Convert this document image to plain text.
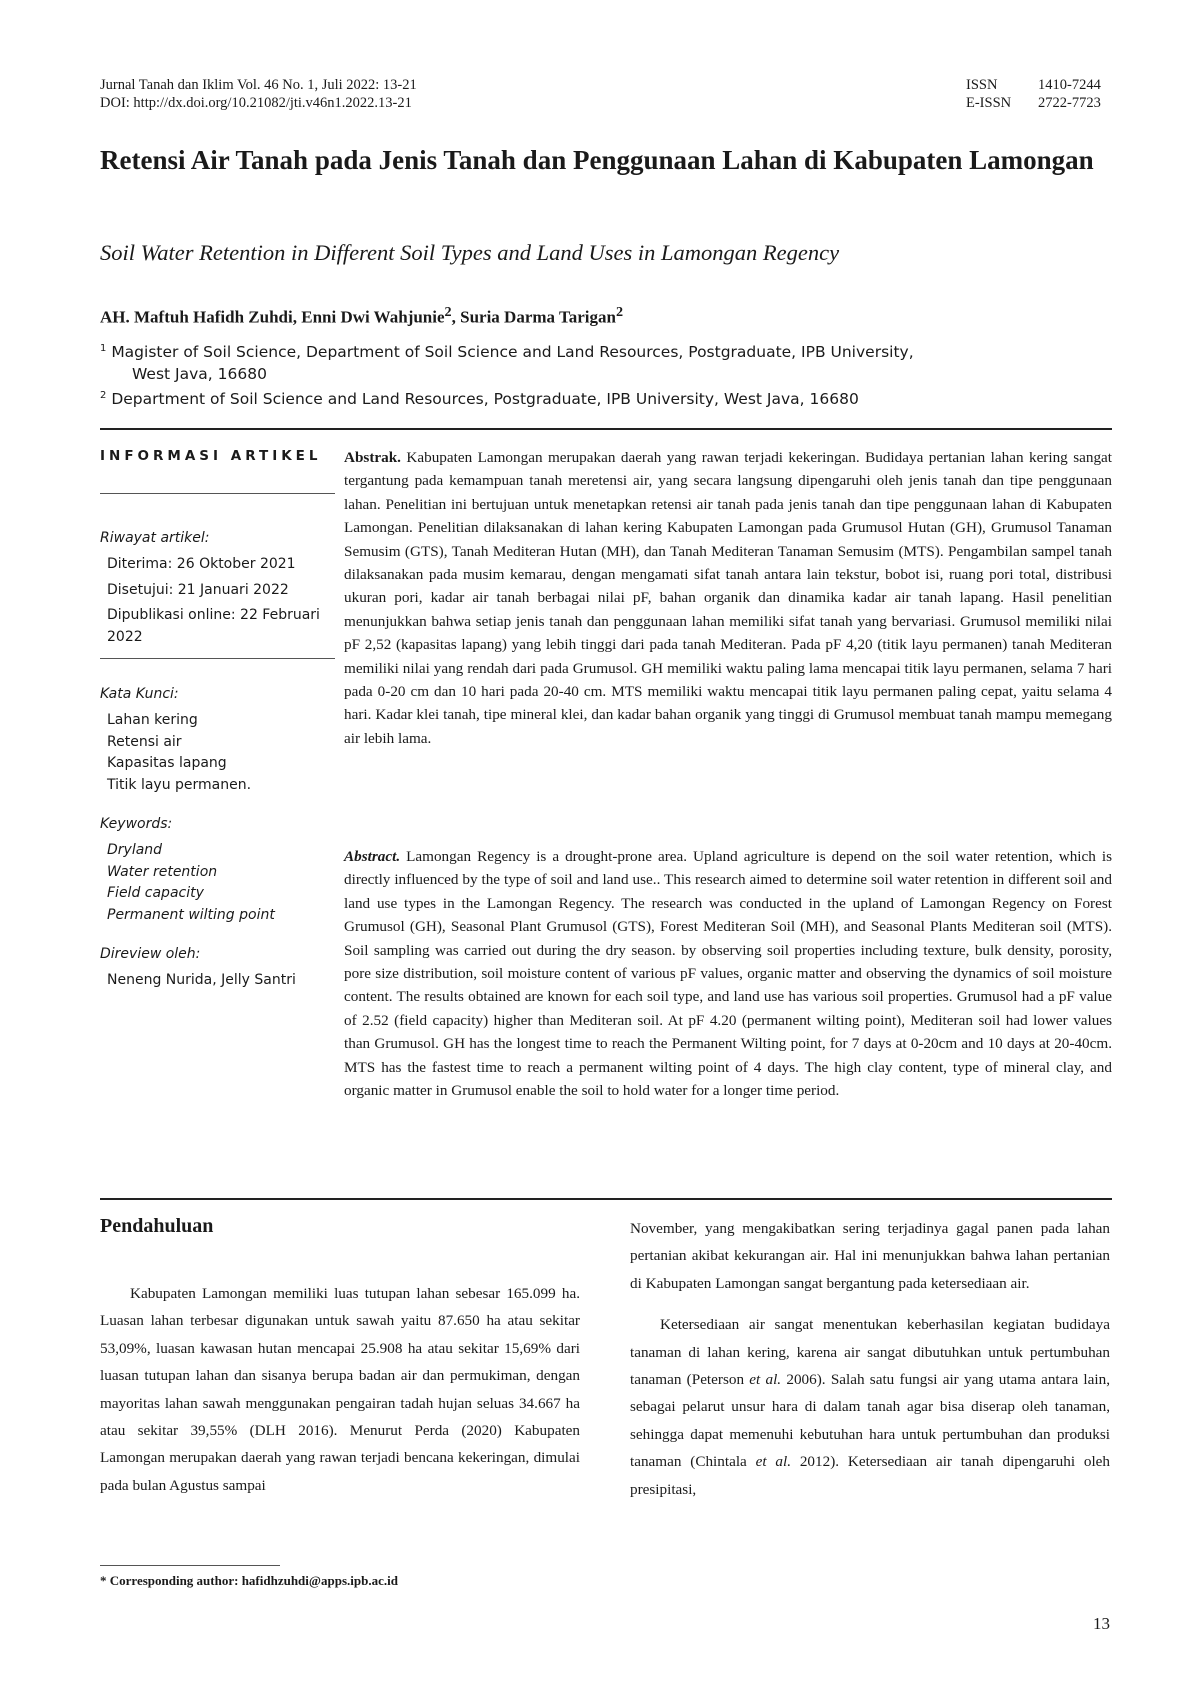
Jurnal Tanah dan Iklim Vol. 46 No. 1, Juli 2022: 13-21
DOI: http://dx.doi.org/10.21082/jti.v46n1.2022.13-21
ISSN	1410-7244
E-ISSN 2722-7723
Retensi Air Tanah pada Jenis Tanah dan Penggunaan Lahan di Kabupaten Lamongan
Soil Water Retention in Different Soil Types and Land Uses in Lamongan Regency
AH. Maftuh Hafidh Zuhdi, Enni Dwi Wahjunie$^2$, Suria Darma Tarigan$^2$
$^1$ Magister of Soil Science, Department of Soil Science and Land Resources, Postgraduate, IPB University,
West Java, 16680
$^2$ Department of Soil Science and Land Resources, Postgraduate, IPB University, West Java, 16680
INFORMASI ARTIKEL
Riwayat artikel:
Diterima: 26 Oktober 2021
Disetujui: 21 Januari 2022
Dipublikasi online: 22 Februari 2022
Kata Kunci:
Lahan kering
Retensi air
Kapasitas lapang
Titik layu permanen.
Keywords:
Dryland
Water retention
Field capacity
Permanent wilting point
Direview oleh:
Neneng Nurida, Jelly Santri
Abstrak. Kabupaten Lamongan merupakan daerah yang rawan terjadi kekeringan. Budidaya pertanian lahan kering sangat tergantung pada kemampuan tanah meretensi air, yang secara langsung dipengaruhi oleh jenis tanah dan tipe penggunaan lahan. Penelitian ini bertujuan untuk menetapkan retensi air tanah pada jenis tanah dan tipe penggunaan lahan di Kabupaten Lamongan. Penelitian dilaksanakan di lahan kering Kabupaten Lamongan pada Grumusol Hutan (GH), Grumusol Tanaman Semusim (GTS), Tanah Mediteran Hutan (MH), dan Tanah Mediteran Tanaman Semusim (MTS). Pengambilan sampel tanah dilaksanakan pada musim kemarau, dengan mengamati sifat tanah antara lain tekstur, bobot isi, ruang pori total, distribusi ukuran pori, kadar air tanah berbagai nilai pF, bahan organik dan dinamika kadar air tanah lapang. Hasil penelitian menunjukkan bahwa setiap jenis tanah dan penggunaan lahan memiliki sifat tanah yang bervariasi. Grumusol memiliki nilai pF 2,52 (kapasitas lapang) yang lebih tinggi dari pada tanah Mediteran. Pada pF 4,20 (titik layu permanen) tanah Mediteran memiliki nilai yang rendah dari pada Grumusol. GH memiliki waktu paling lama mencapai titik layu permanen, selama 7 hari pada 0-20 cm dan 10 hari pada 20-40 cm. MTS memiliki waktu mencapai titik layu permanen paling cepat, yaitu selama 4 hari. Kadar klei tanah, tipe mineral klei, dan kadar bahan organik yang tinggi di Grumusol membuat tanah mampu memegang air lebih lama.
Abstract. Lamongan Regency is a drought-prone area. Upland agriculture is depend on the soil water retention, which is directly influenced by the type of soil and land use.. This research aimed to determine soil water retention in different soil and land use types in the Lamongan Regency. The research was conducted in the upland of Lamongan Regency on Forest Grumusol (GH), Seasonal Plant Grumusol (GTS), Forest Mediteran Soil (MH), and Seasonal Plants Mediteran soil (MTS). Soil sampling was carried out during the dry season. by observing soil properties including texture, bulk density, porosity, pore size distribution, soil moisture content of various pF values, organic matter and observing the dynamics of soil moisture content. The results obtained are known for each soil type, and land use has various soil properties. Grumusol had a pF value of 2.52 (field capacity) higher than Mediteran soil. At pF 4.20 (permanent wilting point), Mediteran soil had lower values than Grumusol. GH has the longest time to reach the Permanent Wilting point, for 7 days at 0-20cm and 10 days at 20-40cm. MTS has the fastest time to reach a permanent wilting point of 4 days. The high clay content, type of mineral clay, and organic matter in Grumusol enable the soil to hold water for a longer time period.
Pendahuluan

Kabupaten Lamongan memiliki luas tutupan lahan sebesar 165.099 ha. Luasan lahan terbesar digunakan untuk sawah yaitu 87.650 ha atau sekitar 53,09%, luasan kawasan hutan mencapai 25.908 ha atau sekitar 15,69% dari luasan tutupan lahan dan sisanya berupa badan air dan permukiman, dengan mayoritas lahan sawah menggunakan pengairan tadah hujan seluas 34.667 ha atau sekitar 39,55% (DLH 2016). Menurut Perda (2020) Kabupaten Lamongan merupakan daerah yang rawan terjadi bencana kekeringan, dimulai pada bulan Agustus sampai

November, yang mengakibatkan sering terjadinya gagal panen pada lahan pertanian akibat kekurangan air. Hal ini menunjukkan bahwa lahan pertanian di Kabupaten Lamongan sangat bergantung pada ketersediaan air.

Ketersediaan air sangat menentukan keberhasilan kegiatan budidaya tanaman di lahan kering, karena air sangat dibutuhkan untuk pertumbuhan tanaman (Peterson et al. 2006). Salah satu fungsi air yang utama antara lain, sebagai pelarut unsur hara di dalam tanah agar bisa diserap oleh tanaman, sehingga dapat memenuhi kebutuhan hara untuk pertumbuhan dan produksi tanaman (Chintala et al. 2012). Ketersediaan air tanah dipengaruhi oleh presipitasi,

* Corresponding author: hafidhzuhdi@apps.ipb.ac.id
13
